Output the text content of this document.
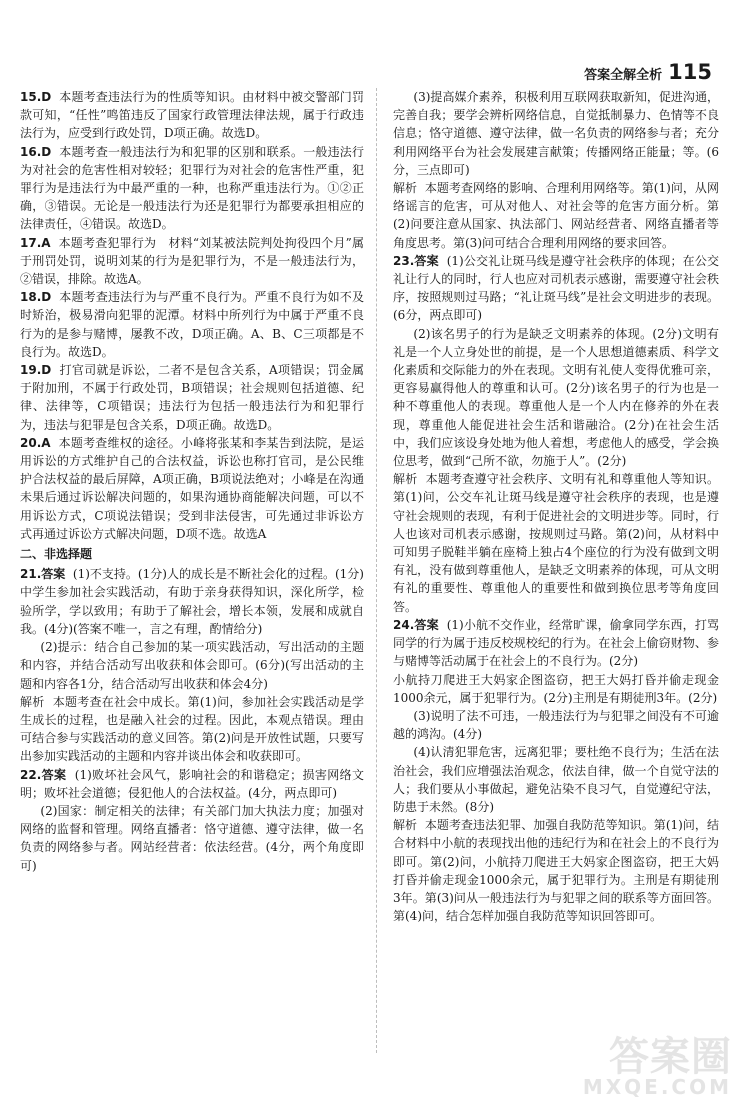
答案全解全析 115
15.D 本题考查违法行为的性质等知识。由材料中被交警部门罚款可知，“任性”鸣笛违反了国家行政管理法律法规，属于行政违法行为，应受到行政处罚，D项正确。故选D。
16.D 本题考查一般违法行为和犯罪的区别和联系。一般违法行为对社会的危害性相对较轻；犯罪行为对社会的危害性严重，犯罪行为是违法行为中最严重的一种，也称严重违法行为。①②正确，③错误。无论是一般违法行为还是犯罪行为都要承担相应的法律责任，④错误。故选D。
17.A 本题考查犯罪行为　材料“刘某被法院判处拘役四个月”属于刑罚处罚，说明刘某的行为是犯罪行为，不是一般违法行为，②错误，排除。故选A。
18.D 本题考查违法行为与严重不良行为。严重不良行为如不及时矫治，极易滑向犯罪的泥潭。材料中所列行为中属于严重不良行为的是参与赌博，屡教不改，D项正确。A、B、C三项都是不良行为。故选D。
19.D 打官司就是诉讼，二者不是包含关系，A项错误；罚金属于附加刑，不属于行政处罚，B项错误；社会规则包括道德、纪律、法律等，C项错误；违法行为包括一般违法行为和犯罪行为，违法与犯罪是包含关系，D项正确。故选D。
20.A 本题考查维权的途径。小峰将张某和李某告到法院，是运用诉讼的方式维护自己的合法权益，诉讼也称打官司，是公民维护合法权益的最后屏障，A项正确，B项说法绝对；小峰是在沟通未果后通过诉讼解决问题的，如果沟通协商能解决问题，可以不用诉讼方式，C项说法错误；受到非法侵害，可先通过非诉讼方式再通过诉讼方式解决问题，D项不选。故选A
二、非选择题
21.答案 (1)不支持。(1分)人的成长是不断社会化的过程。(1分)中学生参加社会实践活动，有助于亲身获得知识，深化所学，检验所学，学以致用；有助于了解社会，增长本领，发展和成就自我。(4分)(答案不唯一，言之有理，酌情给分)
(2)提示：结合自己参加的某一项实践活动，写出活动的主题和内容，并结合活动写出收获和体会即可。(6分)(写出活动的主题和内容各1分，结合活动写出收获和体会4分)
解析 本题考查在社会中成长。第(1)问，参加社会实践活动是学生成长的过程，也是融入社会的过程。因此，本观点错误。理由可结合参与实践活动的意义回答。第(2)问是开放性试题，只要写出参加实践活动的主题和内容并谈出体会和收获即可。
22.答案 (1)败坏社会风气，影响社会的和谐稳定；损害网络文明；败坏社会道德；侵犯他人的合法权益。(4分，两点即可)
(2)国家：制定相关的法律；有关部门加大执法力度；加强对网络的监督和管理。网络直播者：恪守道德、遵守法律，做一名负责的网络参与者。网站经营者：依法经营。(4分，两个角度即可)
(3)提高媒介素养，积极利用互联网获取新知，促进沟通，完善自我；要学会辨析网络信息，自觉抵制暴力、色情等不良信息；恪守道德、遵守法律，做一名负责的网络参与者；充分利用网络平台为社会发展建言献策；传播网络正能量；等。(6分，三点即可)
解析 本题考查网络的影响、合理利用网络等。第(1)问，从网络谣言的危害，可从对他人、对社会等的危害方面分析。第(2)问要注意从国家、执法部门、网站经营者、网络直播者等角度思考。第(3)问可结合合理利用网络的要求回答。
23.答案 (1)公交礼让斑马线是遵守社会秩序的体现；在公交礼让行人的同时，行人也应对司机表示感谢，需要遵守社会秩序，按照规则过马路；“礼让斑马线”是社会文明进步的表现。(6分，两点即可)
(2)该名男子的行为是缺乏文明素养的体现。(2分)文明有礼是一个人立身处世的前提，是一个人思想道德素质、科学文化素质和交际能力的外在表现。文明有礼使人变得优雅可亲，更容易赢得他人的尊重和认可。(2分)该名男子的行为也是一种不尊重他人的表现。尊重他人是一个人内在修养的外在表现，尊重他人能促进社会生活和谐融洽。(2分)在社会生活中，我们应该设身处地为他人着想，考虑他人的感受，学会换位思考，做到“己所不欲，勿施于人”。(2分)
解析 本题考查遵守社会秩序、文明有礼和尊重他人等知识。第(1)问，公交车礼让斑马线是遵守社会秩序的表现，也是遵守社会规则的表现，有利于促进社会的文明进步等。同时，行人也该对司机表示感谢，按规则过马路。第(2)问，从材料中可知男子脱鞋半躺在座椅上独占4个座位的行为没有做到文明有礼，没有做到尊重他人，是缺乏文明素养的体现，可从文明有礼的重要性、尊重他人的重要性和做到换位思考等角度回答。
24.答案 (1)小航不交作业，经常旷课，偷拿同学东西，打骂同学的行为属于违反校规校纪的行为。在社会上偷窃财物、参与赌博等活动属于在社会上的不良行为。(2分)
小航持刀爬进王大妈家企图盗窃，把王大妈打昏并偷走现金1000余元，属于犯罪行为。(2分)主刑是有期徒刑3年。(2分)
(3)说明了法不可违，一般违法行为与犯罪之间没有不可逾越的鸿沟。(4分)
(4)认清犯罪危害，远离犯罪；要杜绝不良行为；生活在法治社会，我们应增强法治观念，依法自律，做一个自觉守法的人；我们要从小事做起，避免沾染不良习气，自觉遵纪守法，防患于未然。(8分)
解析 本题考查违法犯罪、加强自我防范等知识。第(1)问，结合材料中小航的表现找出他的违纪行为和在社会上的不良行为即可。第(2)问，小航持刀爬进王大妈家企图盗窃，把王大妈打昏并偷走现金1000余元，属于犯罪行为。主刑是有期徒刑3年。第(3)问从一般违法行为与犯罪之间的联系等方面回答。第(4)问，结合怎样加强自我防范等知识回答即可。
答案圈
MXQE.COM
